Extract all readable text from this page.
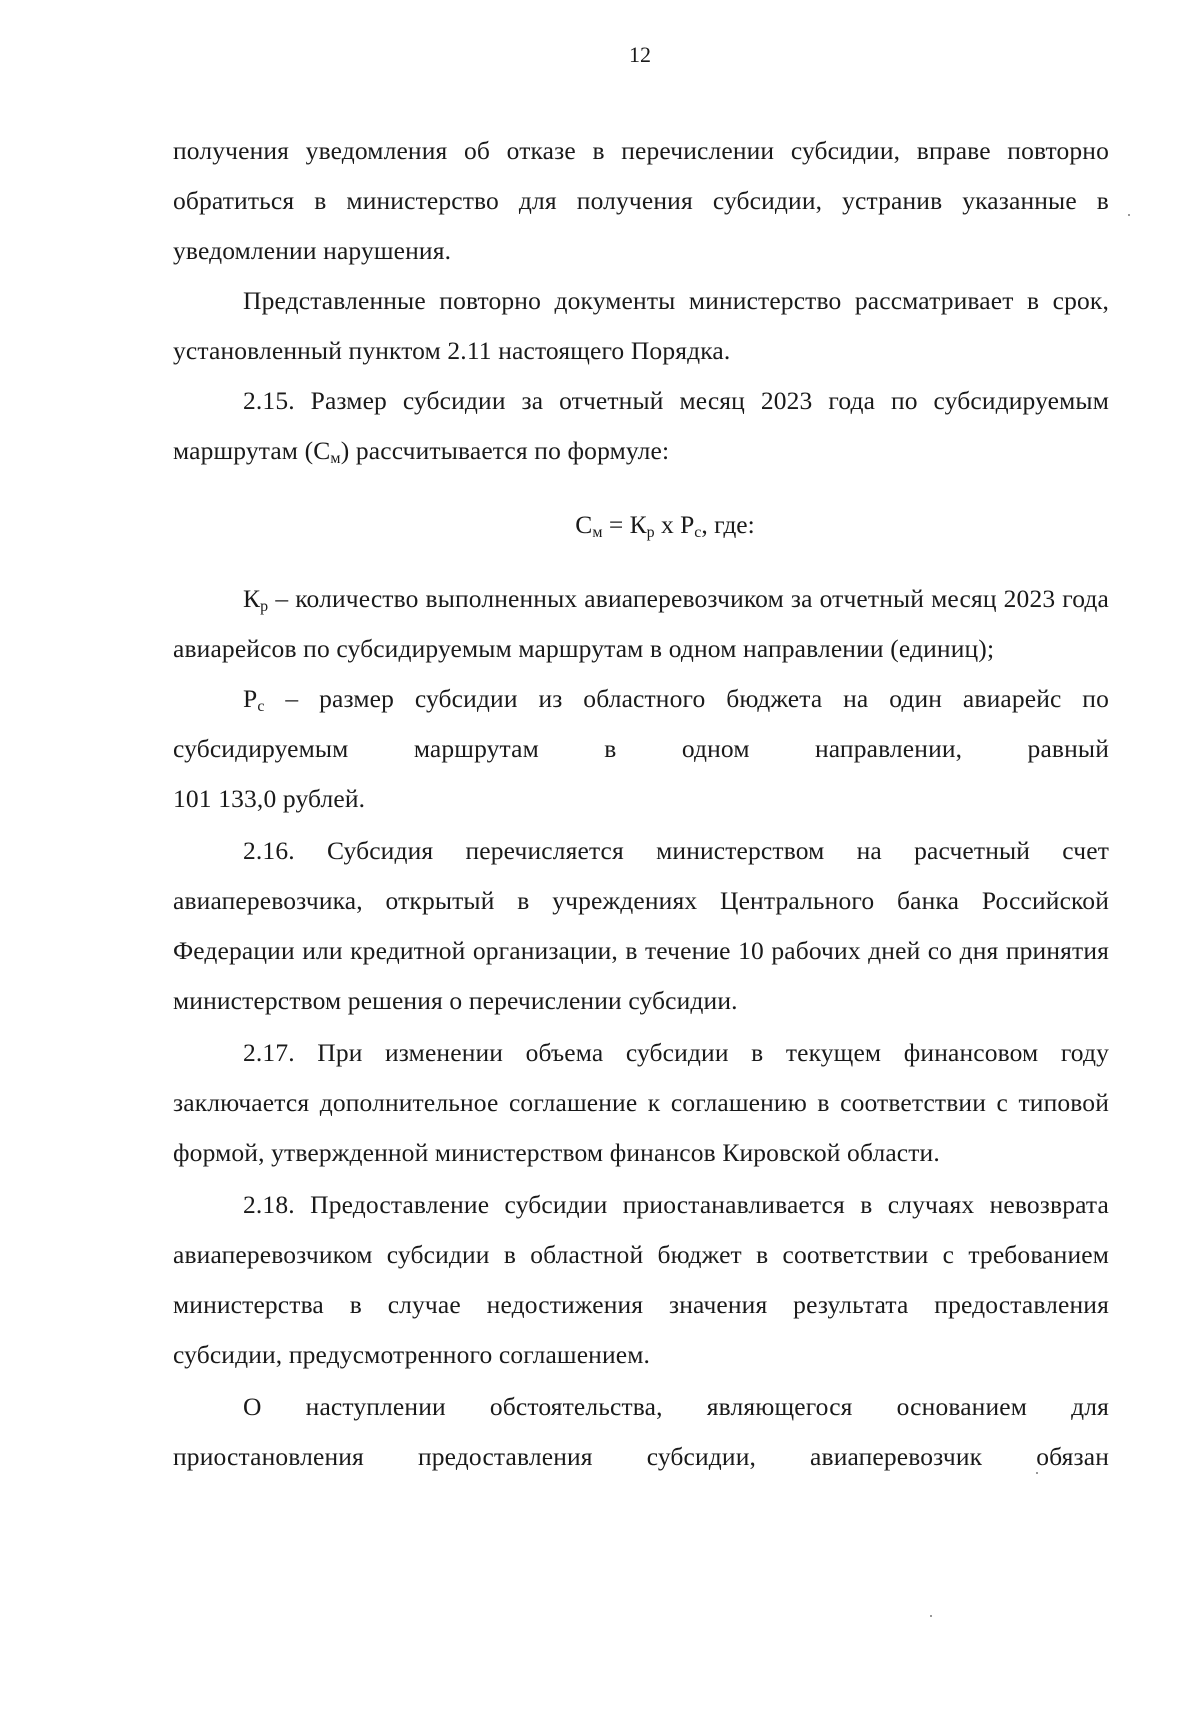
12

получения уведомления об отказе в перечислении субсидии, вправе повторно обратиться в министерство для получения субсидии, устранив указанные в уведомлении нарушения.

Представленные повторно документы министерство рассматривает в срок, установленный пунктом 2.11 настоящего Порядка.

2.15. Размер субсидии за отчетный месяц 2023 года по субсидируемым маршрутам $(С_м)$ рассчитывается по формуле:

$С_м = К_р$ х $Р_с$, где:

$К_р$ – количество выполненных авиаперевозчиком за отчетный месяц 2023 года авиарейсов по субсидируемым маршрутам в одном направлении (единиц);

$Р_с$ – размер субсидии из областного бюджета на один авиарейс по
субсидируемым маршрутам в одном направлении, равный
101 133,0 рублей.

2.16. Субсидия перечисляется министерством на расчетный счет авиаперевозчика, открытый в учреждениях Центрального банка Российской Федерации или кредитной организации, в течение 10 рабочих дней со дня принятия министерством решения о перечислении субсидии.

2.17. При изменении объема субсидии в текущем финансовом году заключается дополнительное соглашение к соглашению в соответствии с типовой формой, утвержденной министерством финансов Кировской области.

2.18. Предоставление субсидии приостанавливается в случаях невозврата авиаперевозчиком субсидии в областной бюджет в соответствии с требованием министерства в случае недостижения значения результата предоставления субсидии, предусмотренного соглашением.

О наступлении обстоятельства, являющегося основанием для
приостановления предоставления субсидии, авиаперевозчик обязан
